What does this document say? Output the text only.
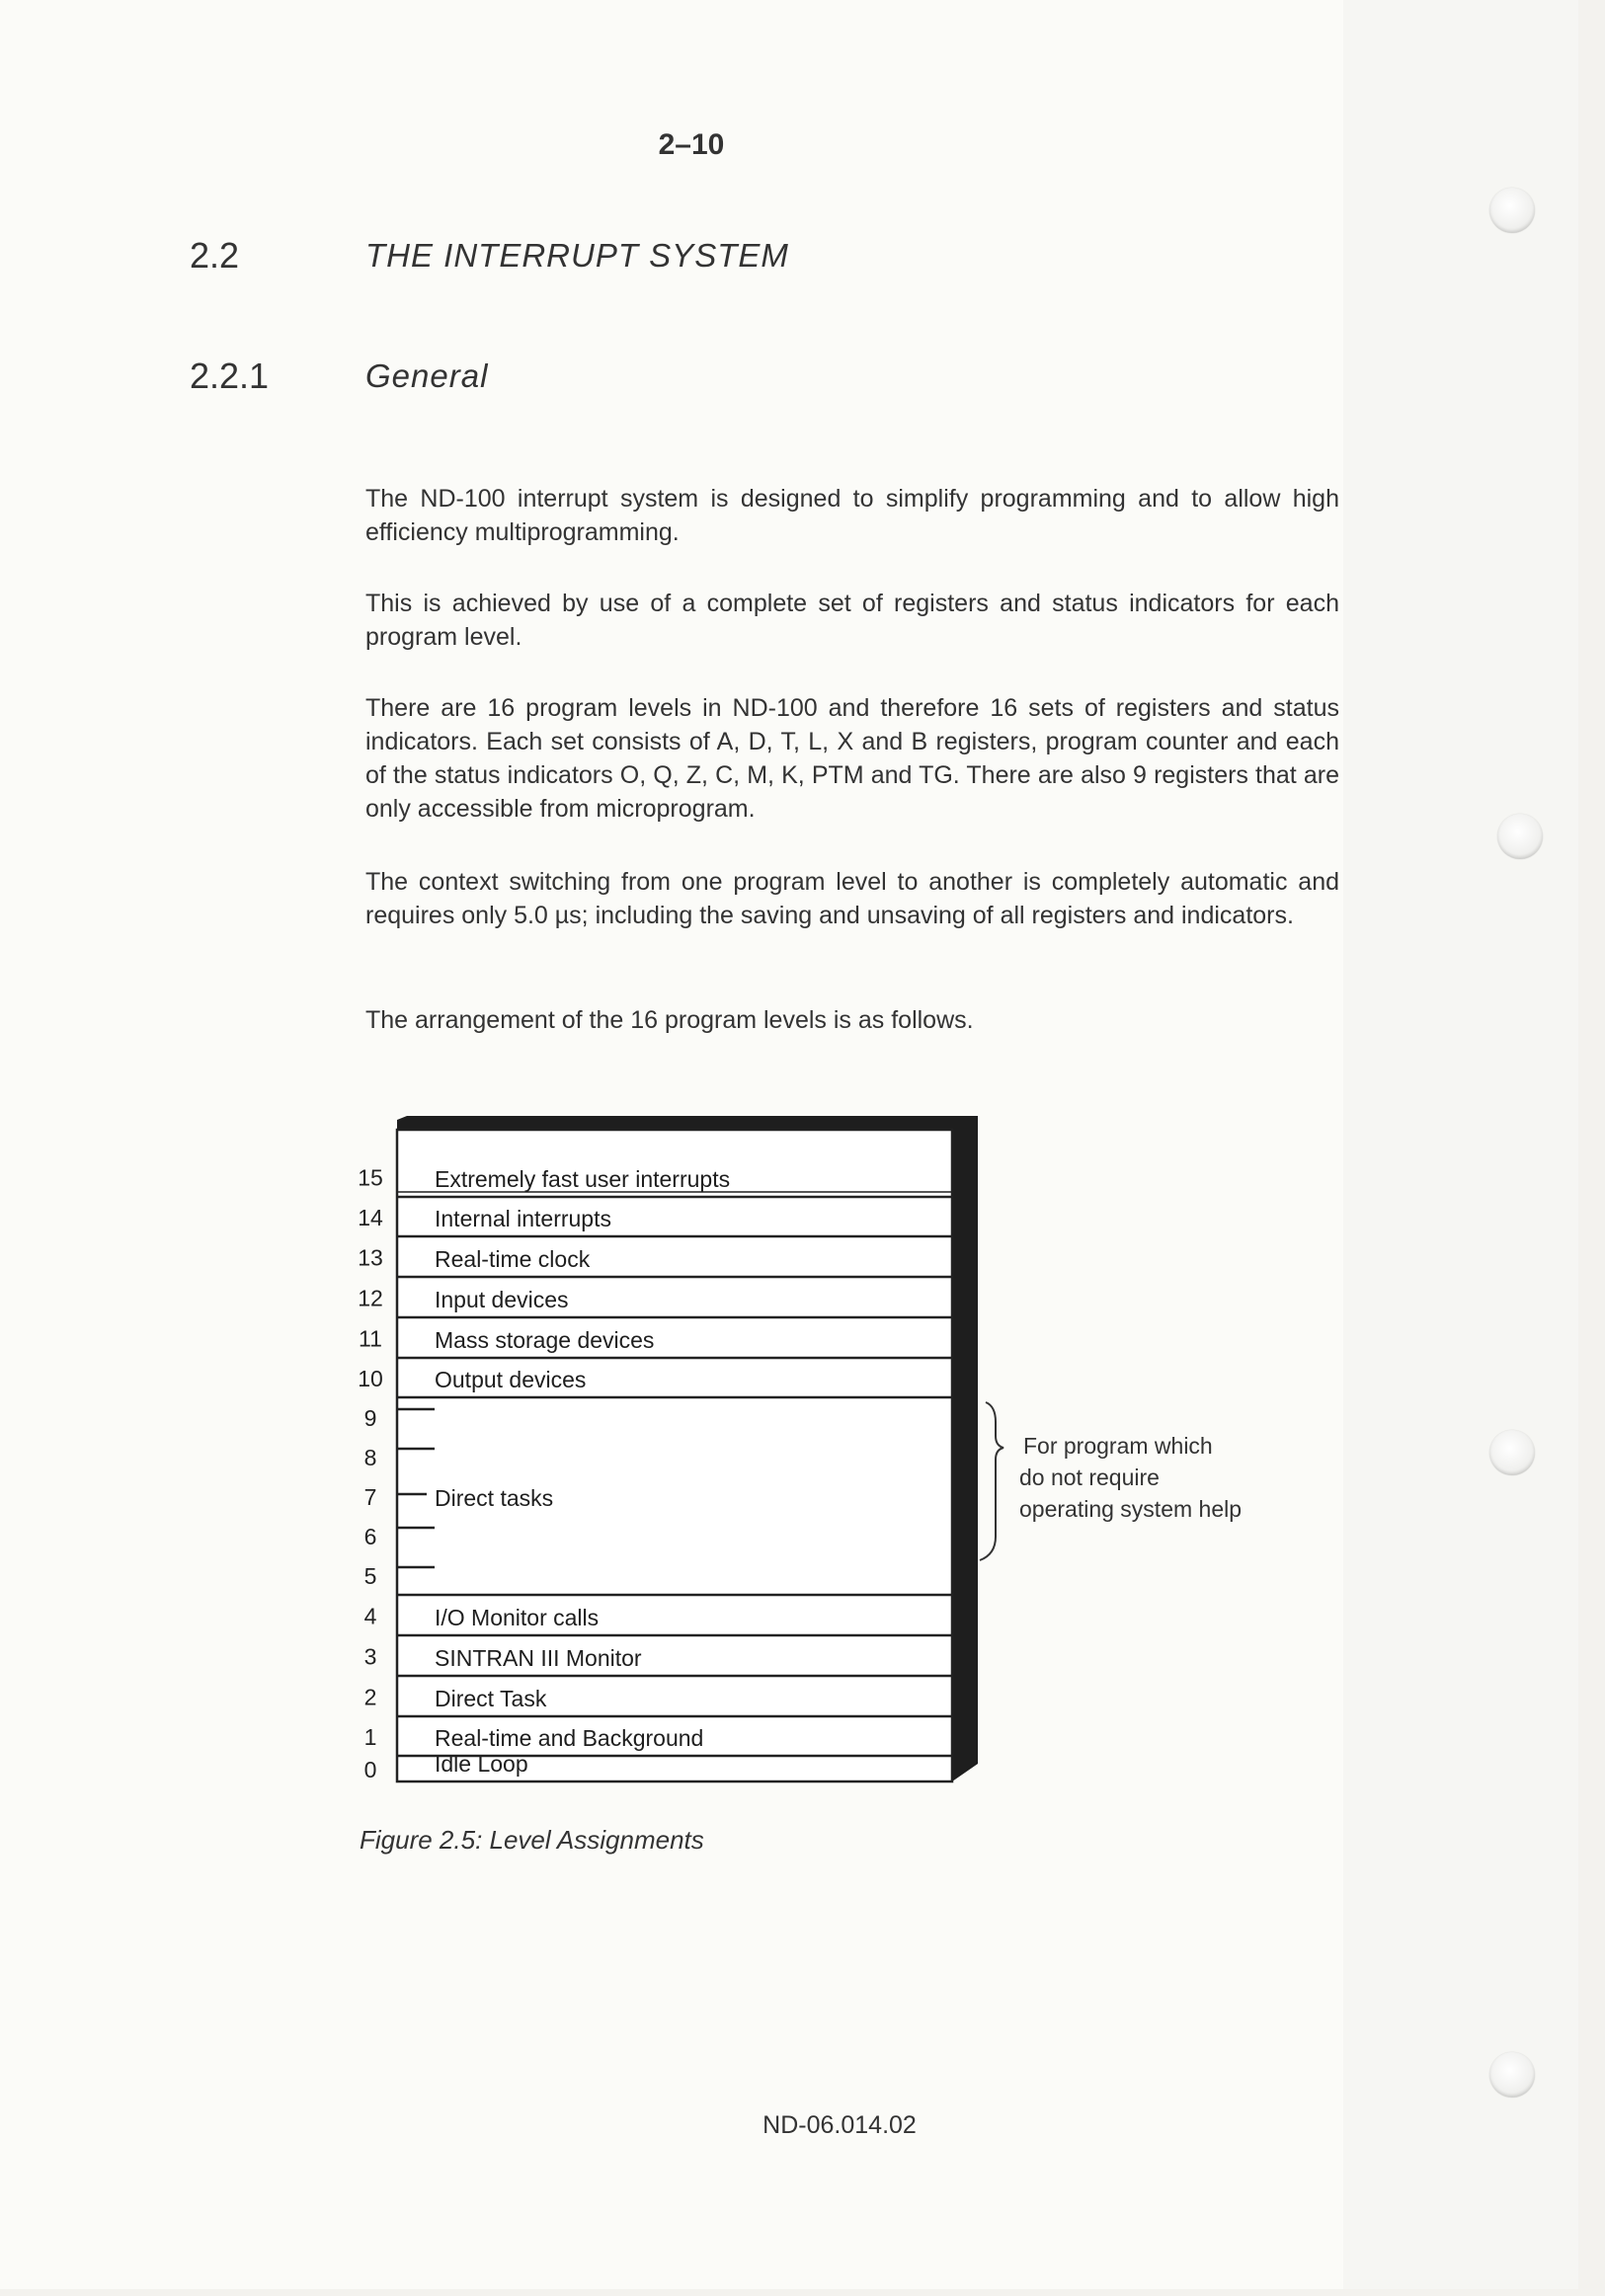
2–10
2.2	THE INTERRUPT SYSTEM
2.2.1	General

The ND-100 interrupt system is designed to simplify programming and to allow high efficiency multiprogramming.

This is achieved by use of a complete set of registers and status indicators for each program level.

There are 16 program levels in ND-100 and therefore 16 sets of registers and status indicators. Each set consists of A, D, T, L, X and B registers, program counter and each of the status indicators O, Q, Z, C, M, K, PTM and TG. There are also 9 registers that are only accessible from microprogram.

The context switching from one program level to another is completely automatic and requires only 5.0 µs; including the saving and unsaving of all registers and indicators.

The arrangement of the 16 program levels is as follows.

15 Extremely fast user interrupts
14 Internal interrupts
13 Real-time clock
12 Input devices
11 Mass storage devices
10 Output devices
9
8
7	Direct tasks
6
5
4	I/O Monitor calls
3	SINTRAN III Monitor
2	Direct Task
1	Real-time and Background
0	Idle Loop
For program which
do not require
operating system help
Figure 2.5: Level Assignments
ND-06.014.02
